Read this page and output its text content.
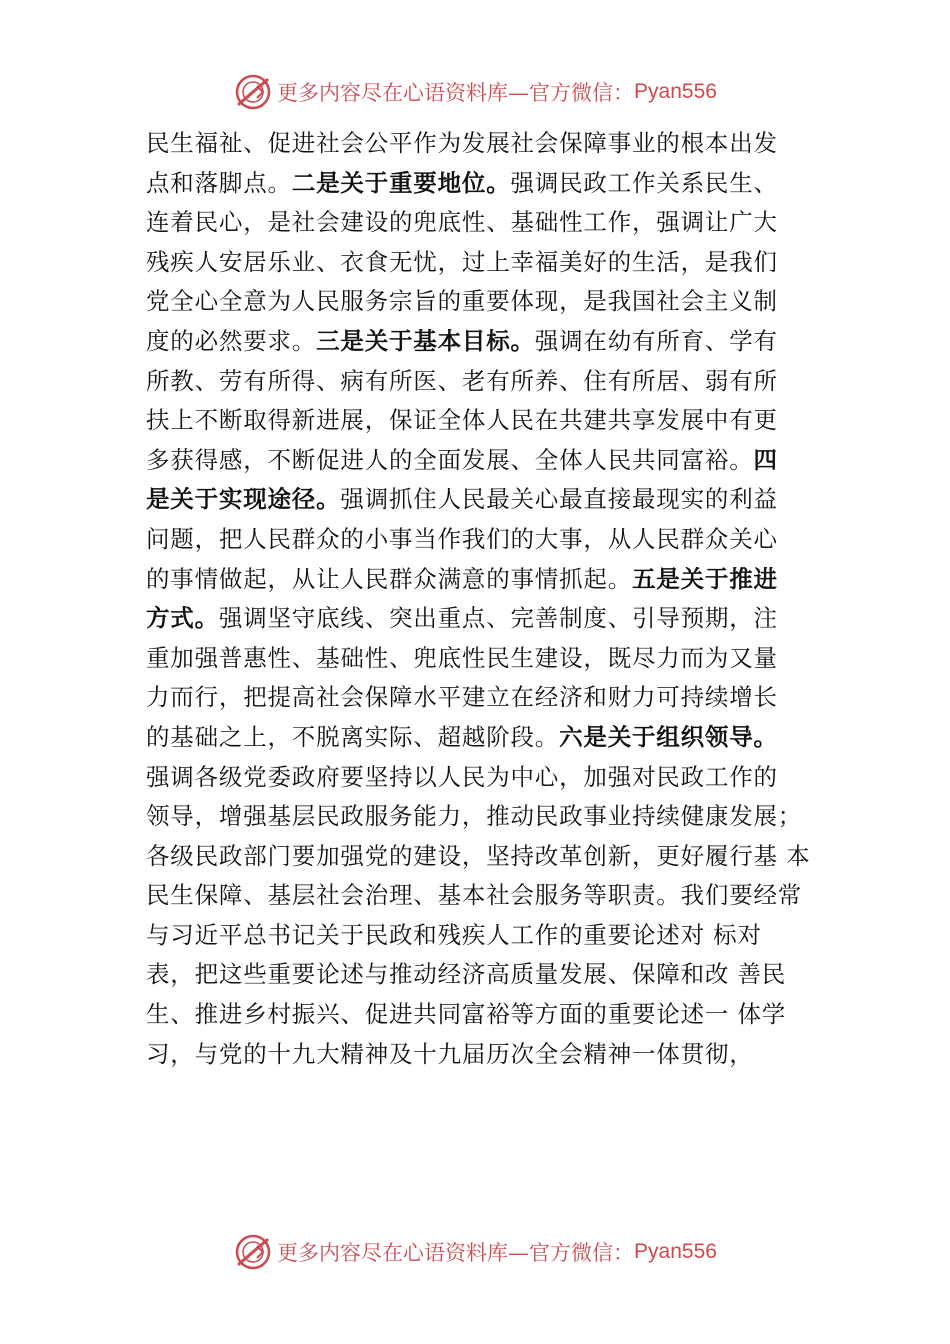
更多内容尽在心语资料库—官方微信： Pyan556
民生福祉、促进社会公平作为发展社会保障事业的根本出发
点和落脚点。二是关于重要地位。强调民政工作关系民生、
连着民心，是社会建设的兜底性、基础性工作，强调让广大
残疾人安居乐业、衣食无忧，过上幸福美好的生活，是我们
党全心全意为人民服务宗旨的重要体现，是我国社会主义制
度的必然要求。三是关于基本目标。强调在幼有所育、学有
所教、劳有所得、病有所医、老有所养、住有所居、弱有所
扶上不断取得新进展，保证全体人民在共建共享发展中有更
多获得感，不断促进人的全面发展、全体人民共同富裕。四
是关于实现途径。强调抓住人民最关心最直接最现实的利益
问题，把人民群众的小事当作我们的大事，从人民群众关心
的事情做起，从让人民群众满意的事情抓起。五是关于推进
方式。强调坚守底线、突出重点、完善制度、引导预期，注
重加强普惠性、基础性、兜底性民生建设，既尽力而为又量
力而行，把提高社会保障水平建立在经济和财力可持续增长
的基础之上，不脱离实际、超越阶段。六是关于组织领导。
强调各级党委政府要坚持以人民为中心，加强对民政工作的
领导，增强基层民政服务能力，推动民政事业持续健康发展；
各级民政部门要加强党的建设，坚持改革创新，更好履行基 本
民生保障、基层社会治理、基本社会服务等职责。我们要经常
与习近平总书记关于民政和残疾人工作的重要论述对 标对
表，把这些重要论述与推动经济高质量发展、保障和改 善民
生、推进乡村振兴、促进共同富裕等方面的重要论述一 体学
习，与党的十九大精神及十九届历次全会精神一体贯彻，
更多内容尽在心语资料库—官方微信： Pyan556
